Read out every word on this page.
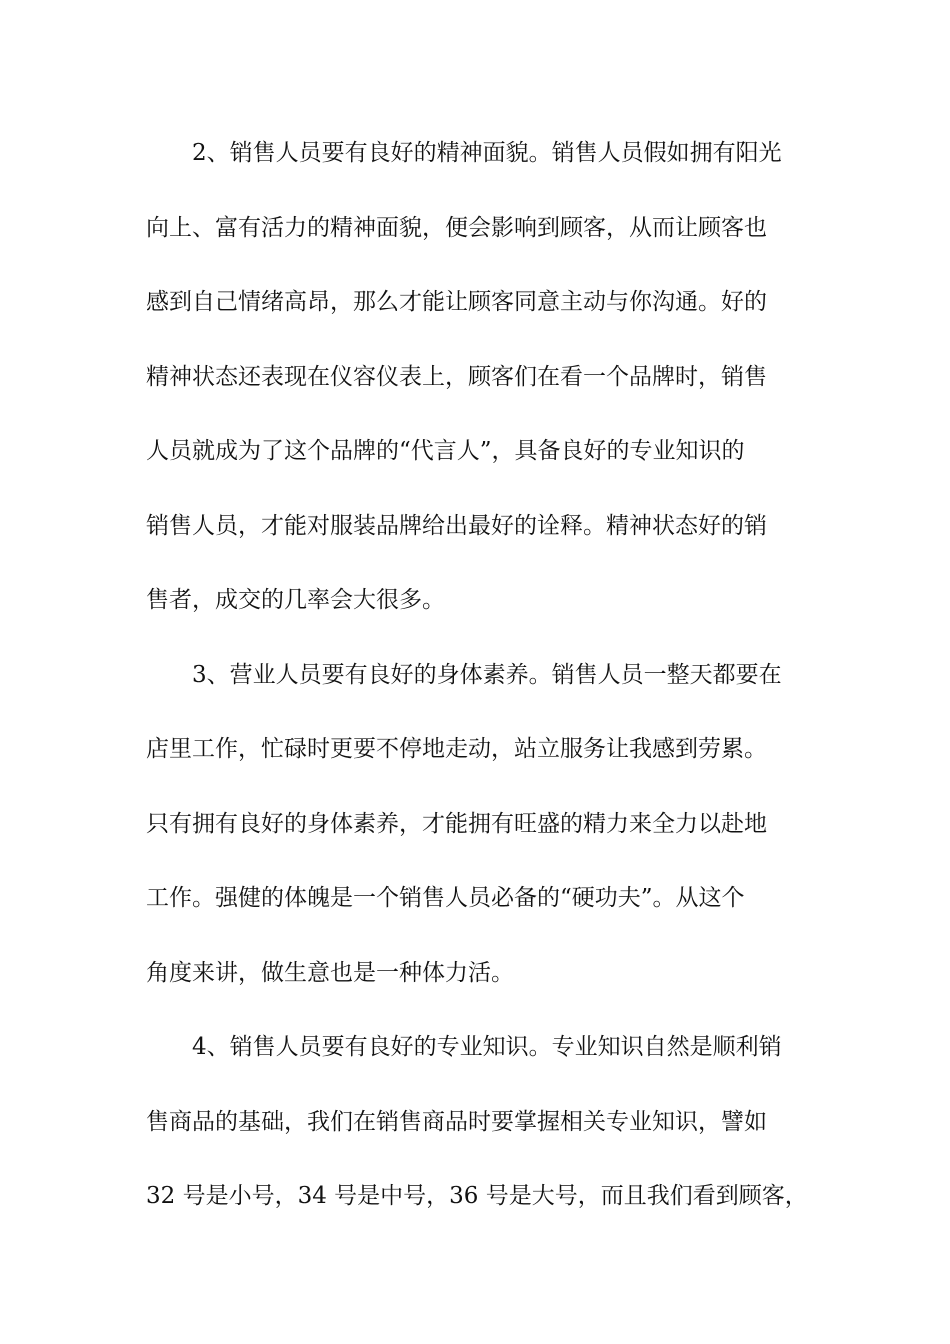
2、销售人员要有良好的精神面貌。销售人员假如拥有阳光
向上、富有活力的精神面貌，便会影响到顾客，从而让顾客也
感到自己情绪高昂，那么才能让顾客同意主动与你沟通。好的
精神状态还表现在仪容仪表上，顾客们在看一个品牌时，销售
人员就成为了这个品牌的“代言人”，具备良好的专业知识的
销售人员，才能对服装品牌给出最好的诠释。精神状态好的销
售者，成交的几率会大很多。

3、营业人员要有良好的身体素养。销售人员一整天都要在
店里工作，忙碌时更要不停地走动，站立服务让我感到劳累。
只有拥有良好的身体素养，才能拥有旺盛的精力来全力以赴地
工作。强健的体魄是一个销售人员必备的“硬功夫”。从这个
角度来讲，做生意也是一种体力活。

4、销售人员要有良好的专业知识。专业知识自然是顺利销
售商品的基础，我们在销售商品时要掌握相关专业知识，譬如
32 号是小号，34 号是中号，36 号是大号，而且我们看到顾客，
